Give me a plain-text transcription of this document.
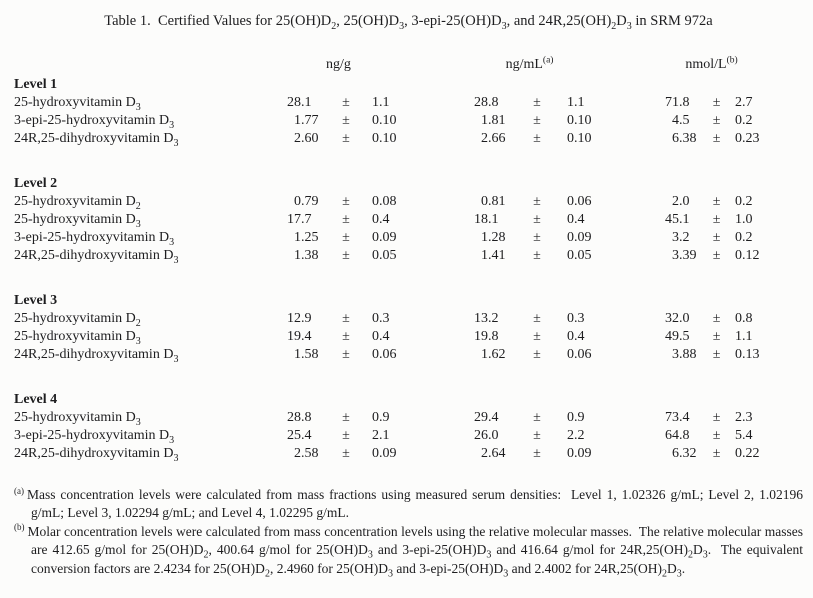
Table 1.  Certified Values for $25(OH)D_2$, $25(OH)D_3$, $3-epi-25(OH)D_3$, and $24R,25(OH)_2D_3$ in SRM 972a
	ng/g				$ng/mL^{(a)}$				nmol/$L^{(b)}$
Level 1											
25-hydroxyvitamin $D_3$	28.1	±	1.1		28.8	±	1.1		71.8	±	2.7
3-epi-25-hydroxyvitamin $D_3$	1.77	±	0.10		1.81	±	0.10		4.5	±	0.2
24R,25-dihydroxyvitamin $D_3$	2.60	±	0.10		2.66	±	0.10		6.38	±	0.23

Level 2											
25-hydroxyvitamin $D_2$	0.79	±	0.08		0.81	±	0.06		2.0	±	0.2
25-hydroxyvitamin $D_3$	17.7	±	0.4		18.1	±	0.4		45.1	±	1.0
3-epi-25-hydroxyvitamin $D_3$	1.25	±	0.09		1.28	±	0.09		3.2	±	0.2
24R,25-dihydroxyvitamin $D_3$	1.38	±	0.05		1.41	±	0.05		3.39	±	0.12

Level 3											
25-hydroxyvitamin $D_2$	12.9	±	0.3		13.2	±	0.3		32.0	±	0.8
25-hydroxyvitamin $D_3$	19.4	±	0.4		19.8	±	0.4		49.5	±	1.1
24R,25-dihydroxyvitamin $D_3$	1.58	±	0.06		1.62	±	0.06		3.88	±	0.13

Level 4											
25-hydroxyvitamin $D_3$	28.8	±	0.9		29.4	±	0.9		73.4	±	2.3
3-epi-25-hydroxyvitamin $D_3$	25.4	±	2.1		26.0	±	2.2		64.8	±	5.4
24R,25-dihydroxyvitamin $D_3$	2.58	±	0.09		2.64	±	0.09		6.32	±	0.22
$^{(a)}$ Mass concentration levels were calculated from mass fractions using measured serum densities:  Level 1, 1.02326 g/mL; Level 2, 1.02196 g/mL; Level 3, 1.02294 g/mL; and Level 4, 1.02295 g/mL.
$^{(b)}$ Molar concentration levels were calculated from mass concentration levels using the relative molecular masses.  The relative molecular masses are 412.65 g/mol for $25(OH)D_2$, 400.64 g/mol for $25(OH)D_3$ and $3-epi-25(OH)D_3$ and 416.64 g/mol for $24R,25(OH)_2D_3$.  The equivalent conversion factors are 2.4234 for $25(OH)D_2$, 2.4960 for $25(OH)D_3$ and $3-epi-25(OH)D_3$ and 2.4002 for $24R,25(OH)_2D_3$.
